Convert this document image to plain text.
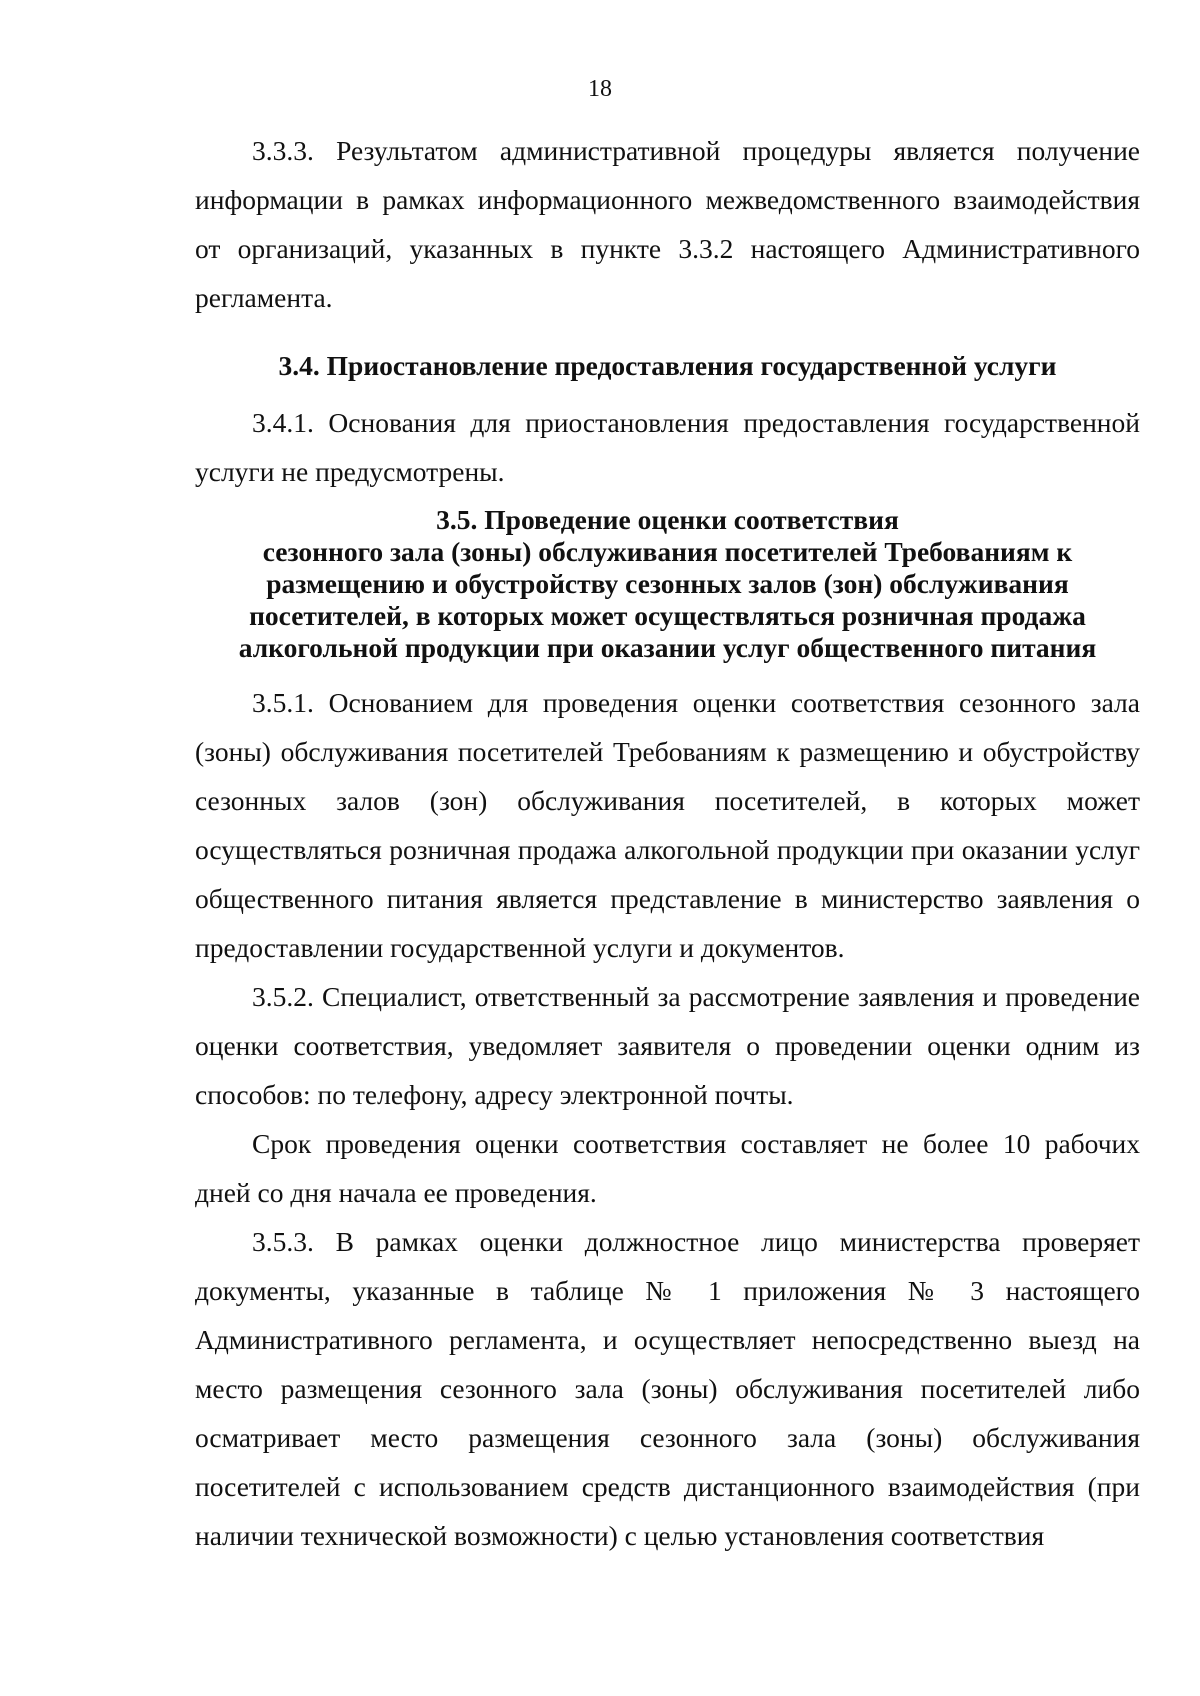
18

3.3.3. Результатом административной процедуры является получение информации в рамках информационного межведомственного взаимодействия от организаций, указанных в пункте 3.3.2 настоящего Административного регламента.

3.4. Приостановление предоставления государственной услуги

3.4.1. Основания для приостановления предоставления государственной услуги не предусмотрены.

3.5. Проведение оценки соответствия
сезонного зала (зоны) обслуживания посетителей Требованиям к
размещению и обустройству сезонных залов (зон) обслуживания
посетителей, в которых может осуществляться розничная продажа
алкогольной продукции при оказании услуг общественного питания

3.5.1. Основанием для проведения оценки соответствия сезонного зала (зоны) обслуживания посетителей Требованиям к размещению и обустройству сезонных залов (зон) обслуживания посетителей, в которых может осуществляться розничная продажа алкогольной продукции при оказании услуг общественного питания является представление в министерство заявления о предоставлении государственной услуги и документов.

3.5.2. Специалист, ответственный за рассмотрение заявления и проведение оценки соответствия, уведомляет заявителя о проведении оценки одним из способов: по телефону, адресу электронной почты.

Срок проведения оценки соответствия составляет не более 10 рабочих дней со дня начала ее проведения.

3.5.3. В рамках оценки должностное лицо министерства проверяет документы, указанные в таблице № 1 приложения № 3 настоящего Административного регламента, и осуществляет непосредственно выезд на место размещения сезонного зала (зоны) обслуживания посетителей либо осматривает место размещения сезонного зала (зоны) обслуживания посетителей с использованием средств дистанционного взаимодействия (при наличии технической возможности) с целью установления соответствия
